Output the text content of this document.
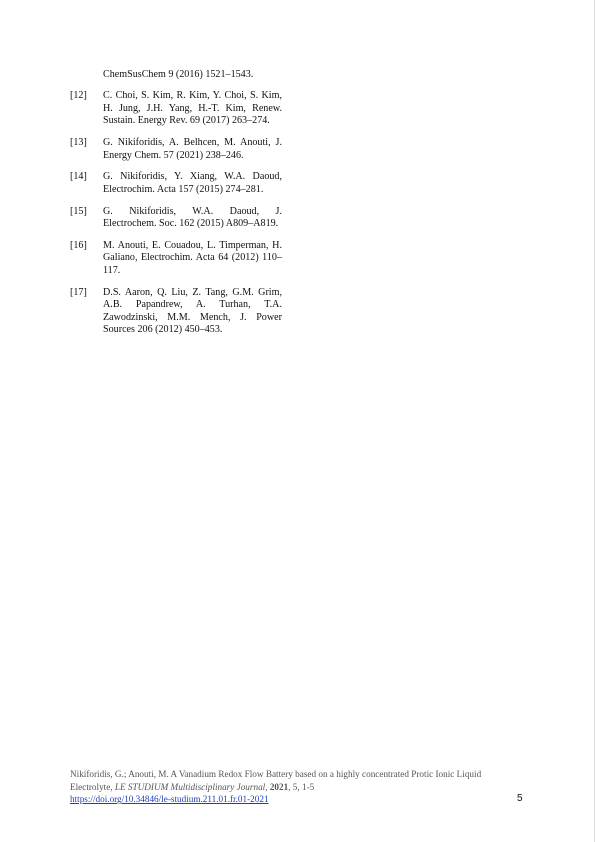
ChemSusChem 9 (2016) 1521–1543.
[12]	C. Choi, S. Kim, R. Kim, Y. Choi, S. Kim, H. Jung, J.H. Yang, H.-T. Kim, Renew. Sustain. Energy Rev. 69 (2017) 263–274.
[13]	G. Nikiforidis, A. Belhcen, M. Anouti, J. Energy Chem. 57 (2021) 238–246.
[14]	G. Nikiforidis, Y. Xiang, W.A. Daoud, Electrochim. Acta 157 (2015) 274–281.
[15]	G. Nikiforidis, W.A. Daoud, J. Electrochem. Soc. 162 (2015) A809–A819.
[16]	M. Anouti, E. Couadou, L. Timperman, H. Galiano, Electrochim. Acta 64 (2012) 110–117.
[17]	D.S. Aaron, Q. Liu, Z. Tang, G.M. Grim, A.B. Papandrew, A. Turhan, T.A. Zawodzinski, M.M. Mench, J. Power Sources 206 (2012) 450–453.
Nikiforidis, G.; Anouti, M. A Vanadium Redox Flow Battery based on a highly concentrated Protic Ionic Liquid Electrolyte, LE STUDIUM Multidisciplinary Journal, 2021, 5, 1-5
https://doi.org/10.34846/le-studium.211.01.fr.01-2021	5
